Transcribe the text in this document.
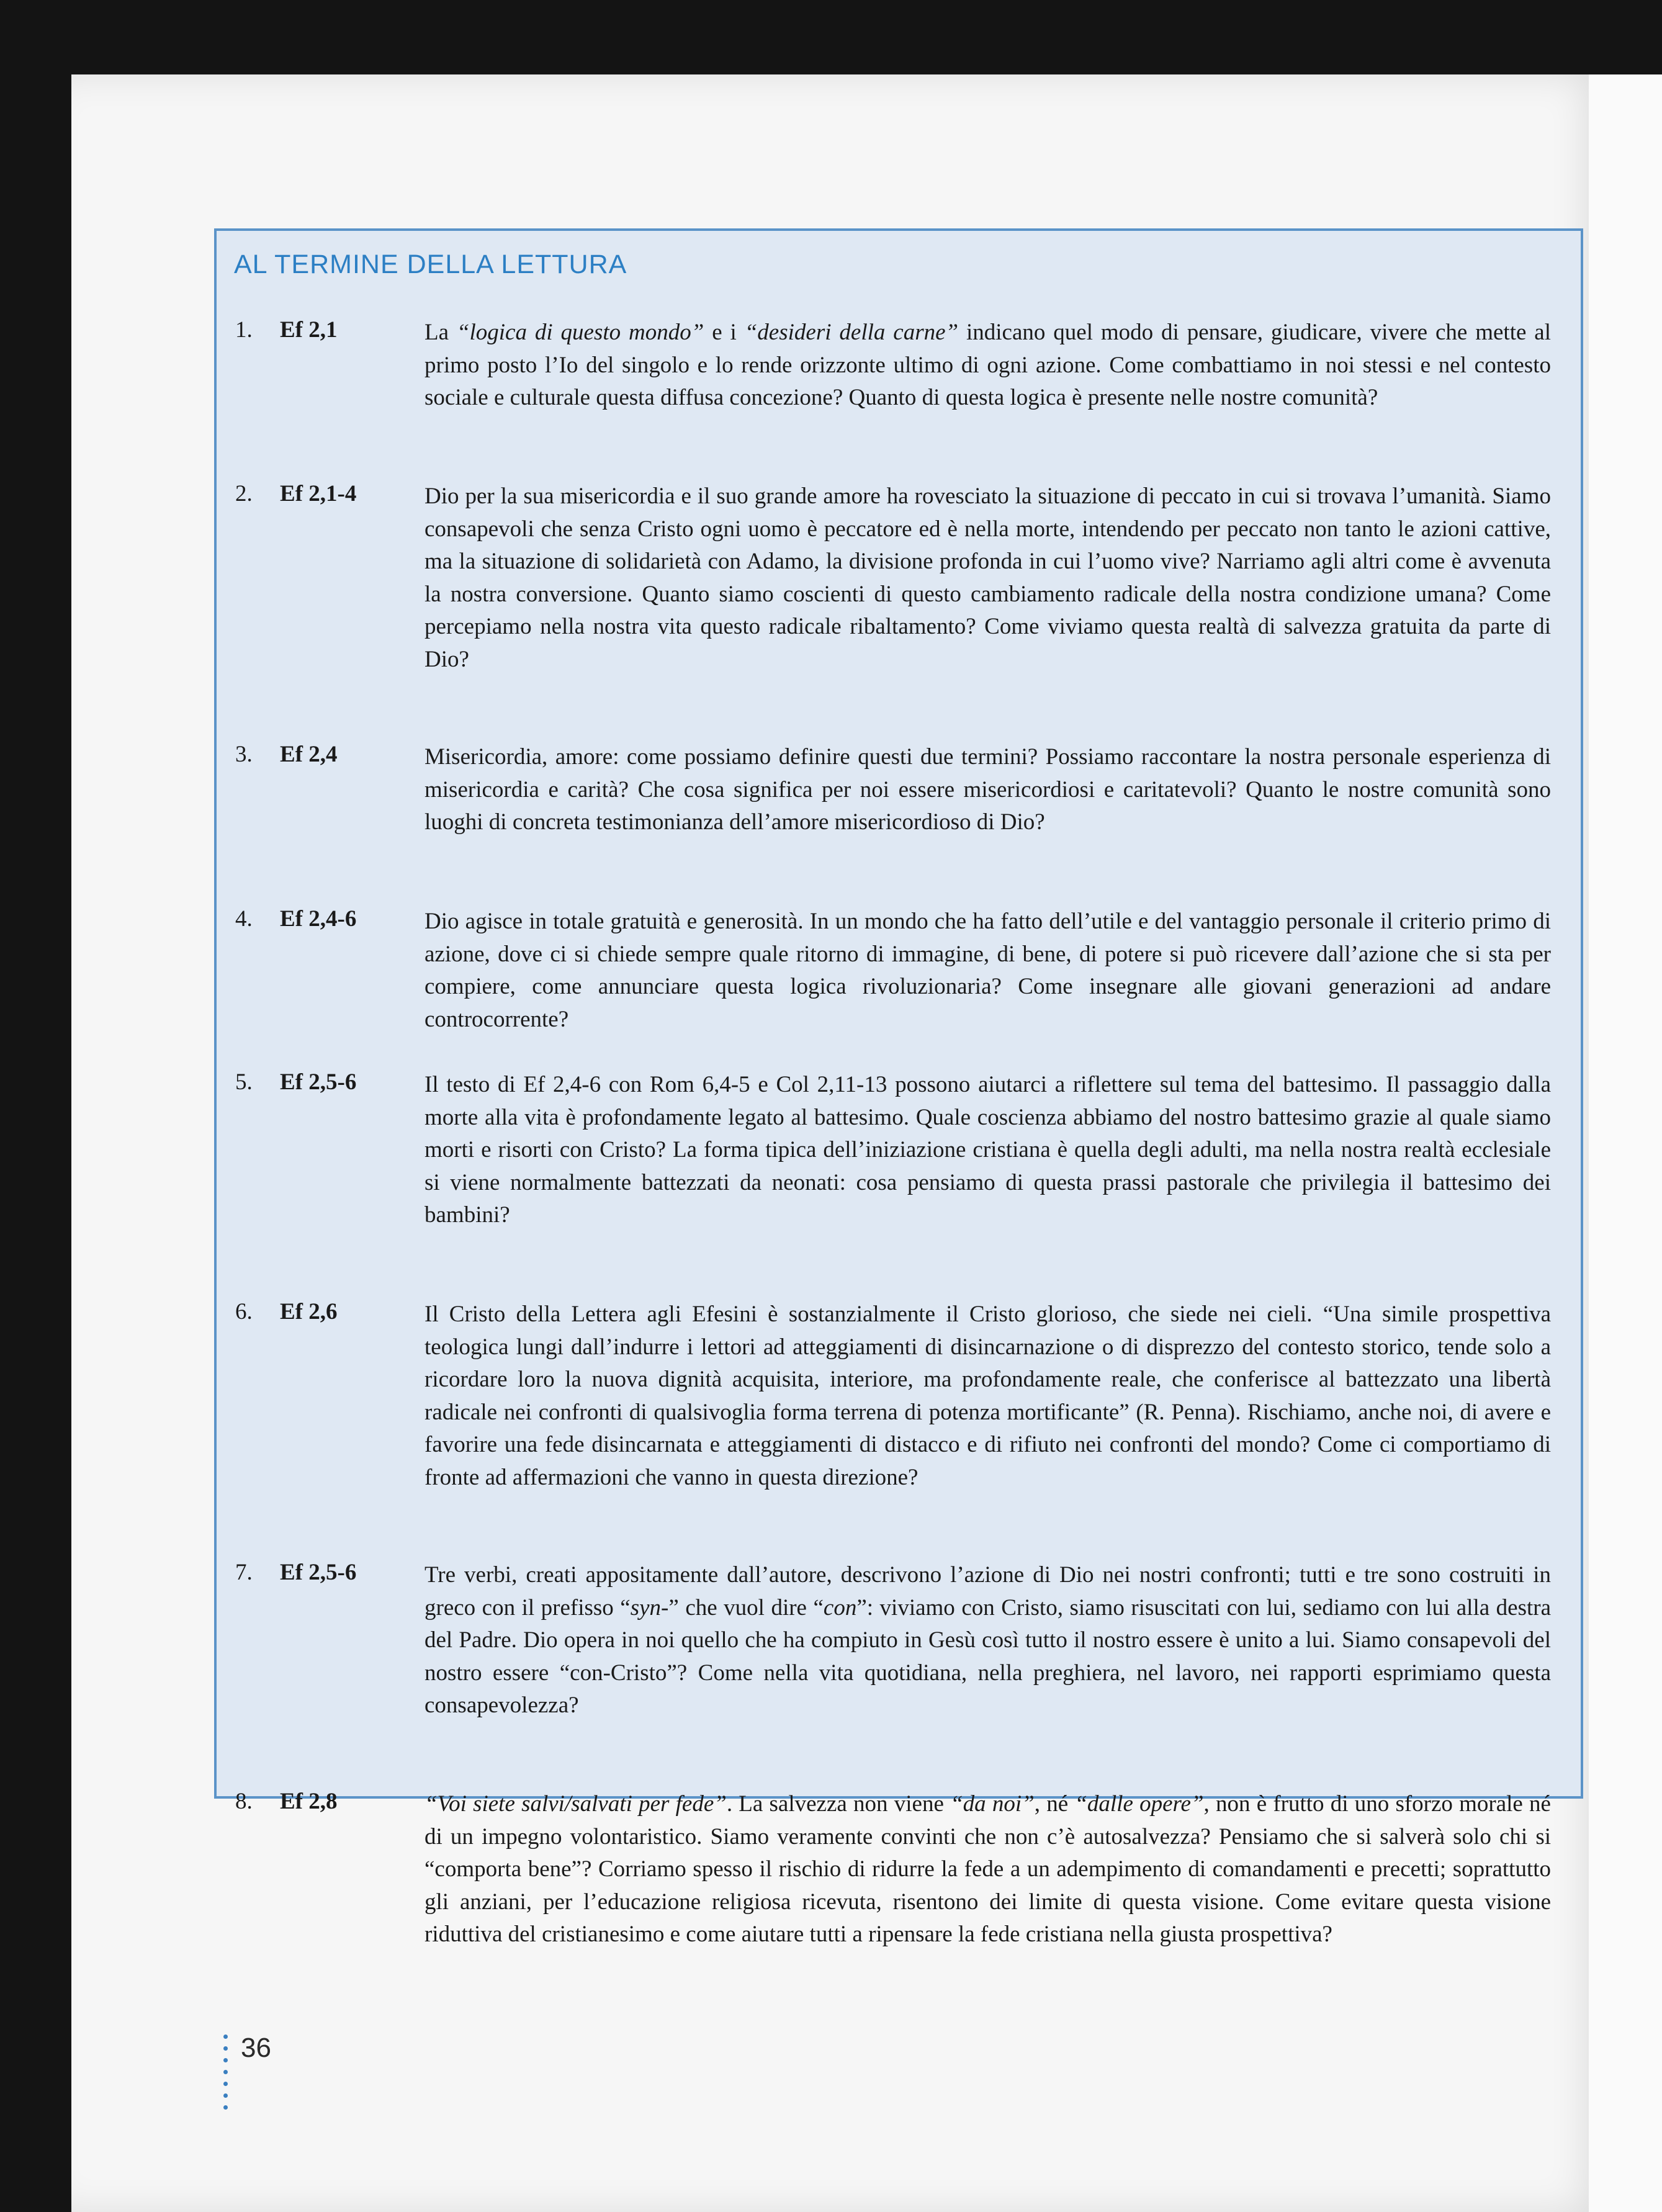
AL TERMINE DELLA LETTURA
1. Ef 2,1	La “logica di questo mondo” e i “desideri della carne” indicano quel modo di pensare, giudicare, vivere che mette al primo posto l’Io del singolo e lo rende orizzonte ultimo di ogni azione. Come combattiamo in noi stessi e nel contesto sociale e culturale questa diffusa concezione? Quanto di questa logica è presente nelle nostre comunità?

2. Ef 2,1-4	Dio per la sua misericordia e il suo grande amore ha rovesciato la situazione di peccato in cui si trovava l’umanità. Siamo consapevoli che senza Cristo ogni uomo è peccatore ed è nella morte, intendendo per peccato non tanto le azioni cattive, ma la situazione di solidarietà con Adamo, la divisione profonda in cui l’uomo vive? Narriamo agli altri come è avvenuta la nostra conversione. Quanto siamo coscienti di questo cambiamento radicale della nostra condizione umana? Come percepiamo nella nostra vita questo radicale ribaltamento? Come viviamo questa realtà di salvezza gratuita da parte di Dio?

3. Ef 2,4	Misericordia, amore: come possiamo definire questi due termini? Possiamo raccontare la nostra personale esperienza di misericordia e carità? Che cosa significa per noi essere misericordiosi e caritatevoli? Quanto le nostre comunità sono luoghi di concreta testimonianza dell’amore misericordioso di Dio?

4. Ef 2,4-6	Dio agisce in totale gratuità e generosità. In un mondo che ha fatto dell’utile e del vantaggio personale il criterio primo di azione, dove ci si chiede sempre quale ritorno di immagine, di bene, di potere si può ricevere dall’azione che si sta per compiere, come annunciare questa logica rivoluzionaria? Come insegnare alle giovani generazioni ad andare controcorrente?

5. Ef 2,5-6	Il testo di Ef 2,4-6 con Rom 6,4-5 e Col 2,11-13 possono aiutarci a riflettere sul tema del battesimo. Il passaggio dalla morte alla vita è profondamente legato al battesimo. Quale coscienza abbiamo del nostro battesimo grazie al quale siamo morti e risorti con Cristo? La forma tipica dell’iniziazione cristiana è quella degli adulti, ma nella nostra realtà ecclesiale si viene normalmente battezzati da neonati: cosa pensiamo di questa prassi pastorale che privilegia il battesimo dei bambini?

6. Ef 2,6	Il Cristo della Lettera agli Efesini è sostanzialmente il Cristo glorioso, che siede nei cieli. “Una simile prospettiva teologica lungi dall’indurre i lettori ad atteggiamenti di disincarnazione o di disprezzo del contesto storico, tende solo a ricordare loro la nuova dignità acquisita, interiore, ma profondamente reale, che conferisce al battezzato una libertà radicale nei confronti di qualsivoglia forma terrena di potenza mortificante” (R. Penna). Rischiamo, anche noi, di avere e favorire una fede disincarnata e atteggiamenti di distacco e di rifiuto nei confronti del mondo? Come ci comportiamo di fronte ad affermazioni che vanno in questa direzione?

7. Ef 2,5-6	Tre verbi, creati appositamente dall’autore, descrivono l’azione di Dio nei nostri confronti; tutti e tre sono costruiti in greco con il prefisso “syn-” che vuol dire “con”: viviamo con Cristo, siamo risuscitati con lui, sediamo con lui alla destra del Padre. Dio opera in noi quello che ha compiuto in Gesù così tutto il nostro essere è unito a lui. Siamo consapevoli del nostro essere “con-Cristo”? Come nella vita quotidiana, nella preghiera, nel lavoro, nei rapporti esprimiamo questa consapevolezza?

8. Ef 2,8	“Voi siete salvi/salvati per fede”. La salvezza non viene “da noi”, né “dalle opere”, non è frutto di uno sforzo morale né di un impegno volontaristico. Siamo veramente convinti che non c’è autosalvezza? Pensiamo che si salverà solo chi si “comporta bene”? Corriamo spesso il rischio di ridurre la fede a un adempimento di comandamenti e precetti; soprattutto gli anziani, per l’educazione religiosa ricevuta, risentono dei limite di questa visione. Come evitare questa visione riduttiva del cristianesimo e come aiutare tutti a ripensare la fede cristiana nella giusta prospettiva?

36
